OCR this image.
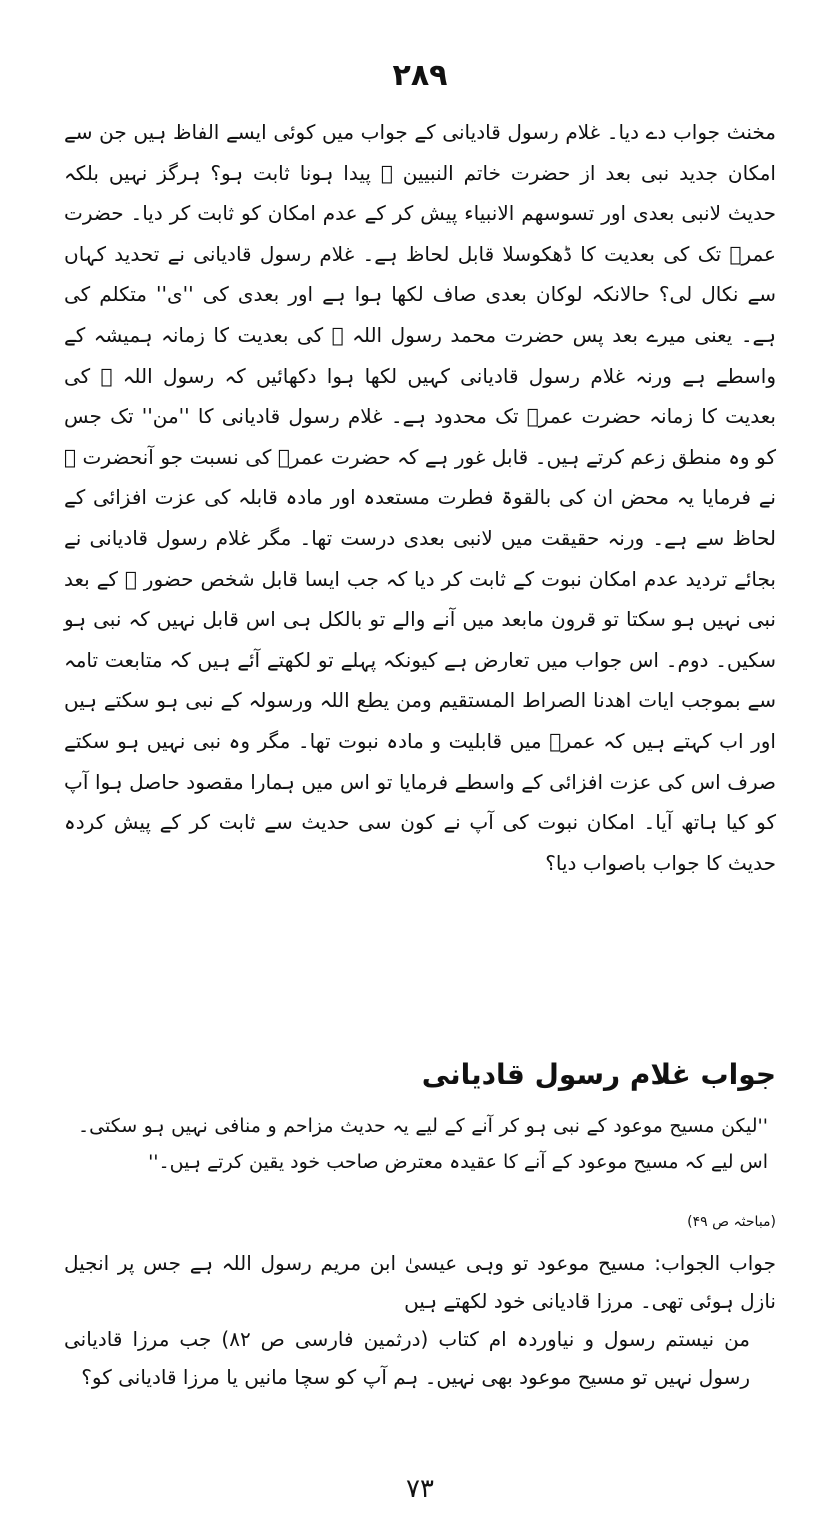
۲۸۹

مخنث جواب دے دیا۔ غلام رسول قادیانی کے جواب میں کوئی ایسے الفاظ ہیں جن سے امکان جدید نبی بعد از حضرت خاتم النبیین ﷺ پیدا ہونا ثابت ہو؟ ہرگز نہیں بلکہ حدیث لانبی بعدی اور تسوسھم الانبیاء پیش کر کے عدم امکان کو ثابت کر دیا۔ حضرت عمرؓ تک کی بعدیت کا ڈھکوسلا قابل لحاظ ہے۔ غلام رسول قادیانی نے تحدید کہاں سے نکال لی؟ حالانکہ لوکان بعدی صاف لکھا ہوا ہے اور بعدی کی ''ی'' متکلم کی ہے۔ یعنی میرے بعد پس حضرت محمد رسول اللہ ﷺ کی بعدیت کا زمانہ ہمیشہ کے واسطے ہے ورنہ غلام رسول قادیانی کہیں لکھا ہوا دکھائیں کہ رسول اللہ ﷺ کی بعدیت کا زمانہ حضرت عمرؓ تک محدود ہے۔ غلام رسول قادیانی کا ''من'' تک جس کو وہ منطق زعم کرتے ہیں۔ قابل غور ہے کہ حضرت عمرؓ کی نسبت جو آنحضرت ﷺ نے فرمایا یہ محض ان کی بالقوۃ فطرت مستعدہ اور مادہ قابلہ کی عزت افزائی کے لحاظ سے ہے۔ ورنہ حقیقت میں لانبی بعدی درست تھا۔ مگر غلام رسول قادیانی نے بجائے تردید عدم امکان نبوت کے ثابت کر دیا کہ جب ایسا قابل شخص حضور ﷺ کے بعد نبی نہیں ہو سکتا تو قرون مابعد میں آنے والے تو بالکل ہی اس قابل نہیں کہ نبی ہو سکیں۔ دوم۔ اس جواب میں تعارض ہے کیونکہ پہلے تو لکھتے آئے ہیں کہ متابعت تامہ سے بموجب ایات اھدنا الصراط المستقیم ومن یطع اللہ ورسولہ کے نبی ہو سکتے ہیں اور اب کہتے ہیں کہ عمرؓ میں قابلیت و مادہ نبوت تھا۔ مگر وہ نبی نہیں ہو سکتے صرف اس کی عزت افزائی کے واسطے فرمایا تو اس میں ہمارا مقصود حاصل ہوا آپ کو کیا ہاتھ آیا۔ امکان نبوت کی آپ نے کون سی حدیث سے ثابت کر کے پیش کردہ حدیث کا جواب باصواب دیا؟

جواب غلام رسول قادیانی
''لیکن مسیح موعود کے نبی ہو کر آنے کے لیے یہ حدیث مزاحم و منافی نہیں ہو سکتی۔ اس لیے کہ مسیح موعود کے آنے کا عقیدہ معترض صاحب خود یقین کرتے ہیں۔''
(مباحثہ ص ۴۹)

جواب الجواب: مسیح موعود تو وہی عیسیٰ ابن مریم رسول اللہ ہے جس پر انجیل نازل ہوئی تھی۔ مرزا قادیانی خود لکھتے ہیں

من نیستم رسول و نیاوردہ ام کتاب (درثمین فارسی ص ۸۲) جب مرزا قادیانی رسول نہیں تو مسیح موعود بھی نہیں۔ ہم آپ کو سچا مانیں یا مرزا قادیانی کو؟

۷۳
